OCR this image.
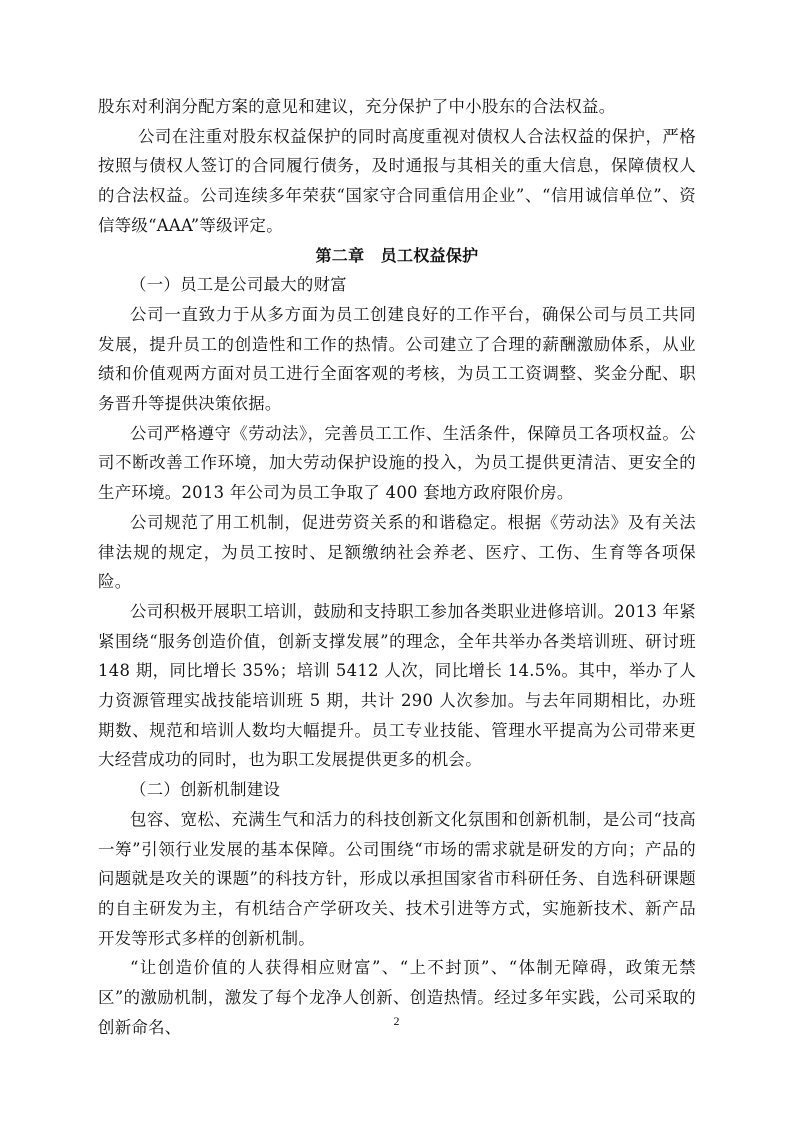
股东对利润分配方案的意见和建议，充分保护了中小股东的合法权益。

公司在注重对股东权益保护的同时高度重视对债权人合法权益的保护，严格按照与债权人签订的合同履行债务，及时通报与其相关的重大信息，保障债权人的合法权益。公司连续多年荣获“国家守合同重信用企业”、“信用诚信单位”、资信等级“AAA”等级评定。

第二章　员工权益保护

（一）员工是公司最大的财富

公司一直致力于从多方面为员工创建良好的工作平台，确保公司与员工共同发展，提升员工的创造性和工作的热情。公司建立了合理的薪酬激励体系，从业绩和价值观两方面对员工进行全面客观的考核，为员工工资调整、奖金分配、职务晋升等提供决策依据。

公司严格遵守《劳动法》，完善员工工作、生活条件，保障员工各项权益。公司不断改善工作环境，加大劳动保护设施的投入，为员工提供更清洁、更安全的生产环境。2013 年公司为员工争取了 400 套地方政府限价房。

公司规范了用工机制，促进劳资关系的和谐稳定。根据《劳动法》及有关法律法规的规定，为员工按时、足额缴纳社会养老、医疗、工伤、生育等各项保险。

公司积极开展职工培训，鼓励和支持职工参加各类职业进修培训。2013 年紧紧围绕“服务创造价值，创新支撑发展”的理念，全年共举办各类培训班、研讨班 148 期，同比增长 35%；培训 5412 人次，同比增长 14.5%。其中，举办了人力资源管理实战技能培训班 5 期，共计 290 人次参加。与去年同期相比，办班期数、规范和培训人数均大幅提升。员工专业技能、管理水平提高为公司带来更大经营成功的同时，也为职工发展提供更多的机会。

（二）创新机制建设

包容、宽松、充满生气和活力的科技创新文化氛围和创新机制，是公司“技高一筹”引领行业发展的基本保障。公司围绕“市场的需求就是研发的方向；产品的问题就是攻关的课题”的科技方针，形成以承担国家省市科研任务、自选科研课题的自主研发为主，有机结合产学研攻关、技术引进等方式，实施新技术、新产品开发等形式多样的创新机制。

“让创造价值的人获得相应财富”、“上不封顶”、“体制无障碍，政策无禁区”的激励机制，激发了每个龙净人创新、创造热情。经过多年实践，公司采取的创新命名、	2
